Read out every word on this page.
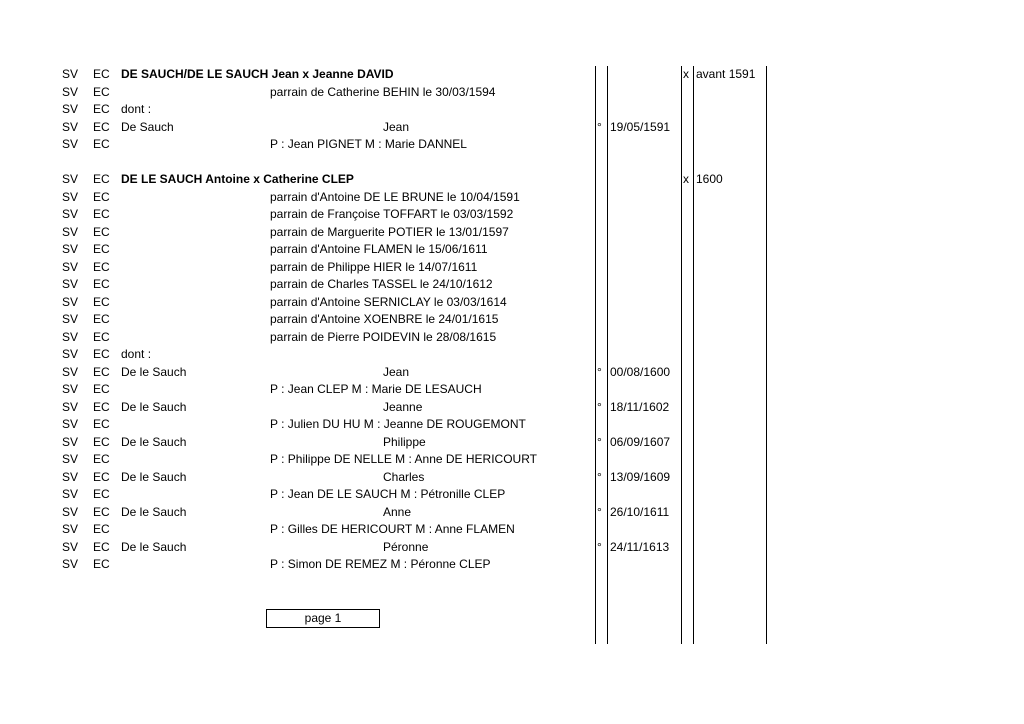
SV EC DE SAUCH/DE LE SAUCH Jean x Jeanne DAVID	x avant 1591
SV EC	parrain de Catherine BEHIN le 30/03/1594
SV EC dont :
SV EC De Sauch	Jean	° 19/05/1591
SV EC	P : Jean PIGNET M : Marie DANNEL
SV EC DE LE SAUCH Antoine x Catherine CLEP	x 1600
SV EC	parrain d'Antoine DE LE BRUNE le 10/04/1591
SV EC	parrain de Françoise TOFFART le 03/03/1592
SV EC	parrain de Marguerite POTIER le 13/01/1597
SV EC	parrain d'Antoine FLAMEN le 15/06/1611
SV EC	parrain de Philippe HIER le 14/07/1611
SV EC	parrain de Charles TASSEL le 24/10/1612
SV EC	parrain d'Antoine SERNICLAY le 03/03/1614
SV EC	parrain d'Antoine XOENBRE le 24/01/1615
SV EC	parrain de Pierre POIDEVIN le 28/08/1615
SV EC dont :
SV EC De le Sauch	Jean	° 00/08/1600
SV EC	P : Jean CLEP M : Marie DE LESAUCH
SV EC De le Sauch	Jeanne	° 18/11/1602
SV EC	P : Julien DU HU M : Jeanne DE ROUGEMONT
SV EC De le Sauch	Philippe	° 06/09/1607
SV EC	P : Philippe DE NELLE M : Anne DE HERICOURT
SV EC De le Sauch	Charles	° 13/09/1609
SV EC	P : Jean DE LE SAUCH M : Pétronille CLEP
SV EC De le Sauch	Anne	° 26/10/1611
SV EC	P : Gilles DE HERICOURT M : Anne FLAMEN
SV EC De le Sauch	Péronne	° 24/11/1613
SV EC	P : Simon DE REMEZ M : Péronne CLEP
page 1
